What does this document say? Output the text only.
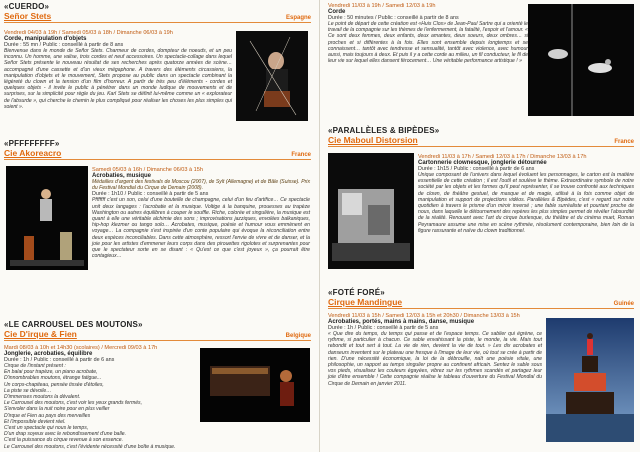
«CUERDO»
Señor Stets	Espagne
Vendredi 04/03 à 19h / Samedi 05/03 à 18h / Dimanche 06/03 à 19h
Corde, manipulation d'objets
Durée : 55 mn / Public : conseillé à partir de 8 ans
Bienvenue dans le monde de Señor Stets. Charmeur de cordes, dompteur de noeuds, et un peu inconnu. Un homme, une valise, trois cordes et neuf accessoires. Un spectacle-collage dans lequel Señor Stets présente le nouveau résultat de ses recherches après quatorze années de scène… accompagné d'une cassette et d'un vieux mégaphone. A travers des éléments circassiens, la manipulation d'objets et le mouvement, Stets propose au public dans un spectacle combinant la légèreté du clown et la tension d'un film d'horreur. A partir de très peu d'éléments - cordes et quelques objets - il invite le public à pénétrer dans un monde ludique de mouvements et de surprises, sur la simplicité pour règle du jeu. Karl Stets se définit lui-même comme un « explorateur de l'absurde », qui cherche le chemin le plus compliqué pour réaliser les choses les plus simples qui soient ».
«PFFFFFFFF»
Cie Akoreacro	France
Samedi 05/03 à 16h / Dimanche 06/03 à 15h
Acrobaties, musique
Médailles d'argent des festivals de Moscou (2007), de Sylt (Allemagne) et de Bâle (Suisse). Prix du Festival Mondial du Cirque de Demain (2008).
Durée : 1h10 / Public : conseillé à partir de 5 ans
Pfffffff c'est un son, celui d'une bouteille de champagne, celui d'un feu d'artifice… Ce spectacle unit deux langages : l'acrobatie et la musique. Voltige à la banquine, prouesses au trapèze Washington ou autres équilibres à couper le souffle. Riche, colorée et singulière, la musique est quant à elle une véritable alchimie des sons ; improvisations jazziques, envolées balkaniques, hip-hop klezmer ou tango solo… Acrobates, musique, poésie et humour vous emmènent en voyage… La compagnie s'est inspirée d'un conte populaire qui évoque la réconciliation entre deux espèces inconciliables. Dans cette atmosphère, ressort l'envie de vivre et de danser, et la joie pour les artistes d'emmener leurs corps dans des pirouettes rigolotes et surprenantes pour que le spectateur sorte en se disant : « Qu'est ce que c'est joyeux », ça pourrait être contagieux…
«LE CARROUSEL DES MOUTONS»
Cie D'irque & Fien	Belgique
Mardi 08/03 à 10h et 14h30 (scolaires) / Mercredi 09/03 à 17h
Jonglerie, acrobaties, équilibre
Durée : 1h / Public : conseillé à partir de 6 ans
Cirque de l'instant présent :
En balai pour trapèze, un piano acrobate,
D'innombrables moutons, étrange fatigue...
Un corps-chapiteau, pensée tissée d'étoiles,
La piste se dévoile…
D'immenses moutons la dévalent.
Le Carrousel des moutons, c'est voir les yeux grands fermés,
S'envoler dans la nuit noire pour en plus veiller
D'irque et Fien au pays des merveilles
Et l'impossible devient réel.
C'est un spectacle qui nous le temps,
D'un drap soyeux avec le rebondissement d'une balle.
C'est la puissance du cirque revenue à son essence.
Le Carrousel des moutons, c'est l'évidente nécessité d'une boîte à musique.
Vendredi 11/03 à 19h / Samedi 12/03 à 19h
Corde
Durée : 50 minutes / Public : conseillé à partir de 8 ans
Le point de départ de cette création est «Huis Clos» de Jean-Paul Sartre qui a orienté le travail de la compagnie sur les thèmes de l'enfermement, la fatalité, l'espoir et l'amour. « Ce sont deux femmes, deux enfants, deux amantes, deux soeurs, deux ombres… si proches et si différentes à la fois. Elles sont ensemble depuis longtemps et se connaissent… tantôt avec tendresse et sensualité, tantôt avec violence, avec humour aussi, mais toujours à deux. Et puis il y a cette corde au milieu, un fil conducteur, le fil de leur vie sur lequel elles dansent férocement… Une véritable performance artistique ! »
«PARALLÈLES & BIPÈDES»
Cie Maboul Distorsion	France
Vendredi 11/03 à 17h / Samedi 12/03 à 17h / Dimanche 13/03 à 17h
Cartonnerie clownesque, jonglerie détournée
Durée : 1h15 / Public : conseillé à partir de 6 ans
Unique composant de l'univers dans lequel évoluent les personnages, le carton est la matière essentielle de cette création ; il est l'outil et soulève le thème. Extraordinaire symbole de notre société par les objets et les formes qu'il peut représenter, il se trouve confronté aux techniques de clown, de théâtre gestuel, de masque et de magie, utilisé à la fois comme objet de manipulation et support de projections vidéos. Parallèles & Bipèdes, c'est « regard sur notre quotidien à travers le prisme d'un miroir inversé ; une fable surréaliste et pourtant proche de nous, dans laquelle le détournement des repères les plus simples permet de révéler l'absurdité de la réalité. Renouant avec l'art du cirque burlesque, du théâtre et du cinéma muet, Roman Peyramaure assume une mise en scène rythmée, résolument contemporaine, bien loin de la figure rassurante et naïve du clown traditionnel.
«FOTÉ FORÉ»
Cirque Mandingue	Guinée
Vendredi 11/03 à 15h / Samedi 12/03 à 15h et 20h30 / Dimanche 13/03 à 15h
Acrobaties, portés, mains à mains, danse, musique
Durée : 1h / Public : conseillé à partir de 5 ans
« Que dire du temps, du temps qui passe et de l'espace temps. Ce sablier qui égrène, ce rythme, si particulier à chacun. Ce sable envahissant la piste, le monde, la vie. Mais tout rebondit et tout sert à tout. La vie de rien, devient la vie de tout. » Les dix acrobates et danseurs inventent sur le plateau une fresque à l'image de leur vie, où tout se crée à partir de rien. D'une nécessité économique, la loi de la débrouille, naît une poésie vitale, une philosophie, un rapport au temps singulier propre au continent africain. Sentez le sable sous vos pieds, visualisez les couleurs égayées, vibrez sur les rythmes scandés et partagez leur joie d'être ensemble ! Cette compagnie réalise le tableau d'ouverture du Festival Mondial du Cirque de Demain en janvier 2011.
